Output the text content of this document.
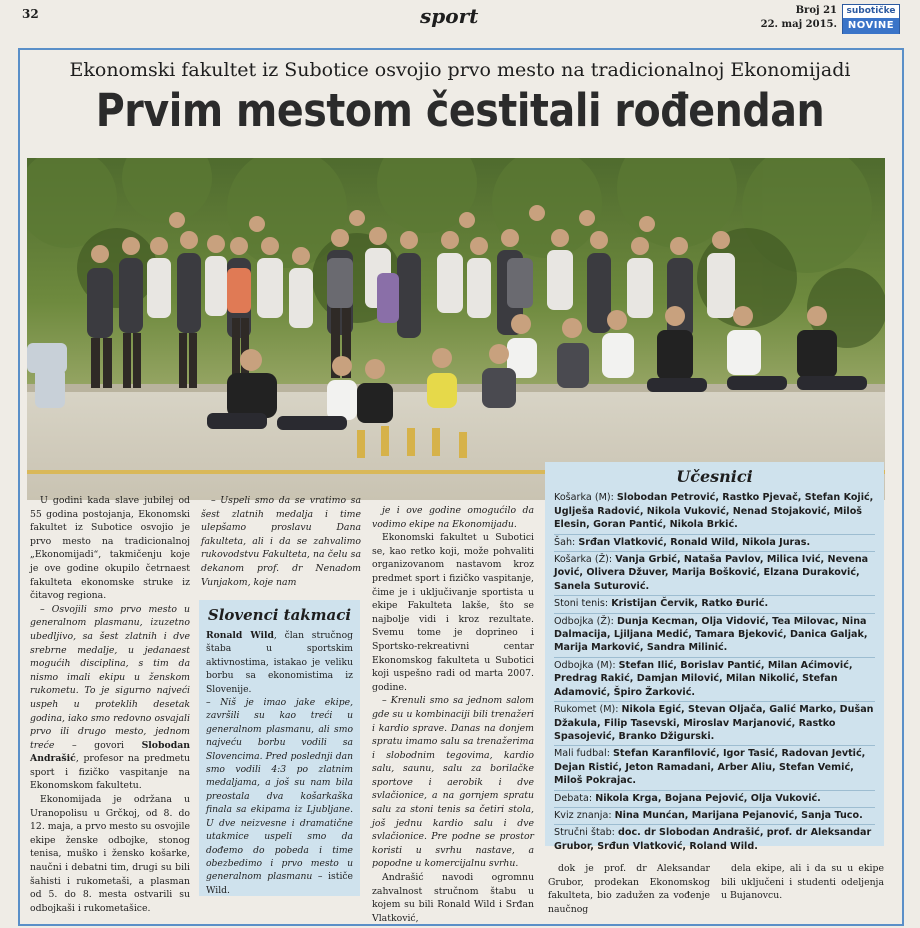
32	sport	Broj 21
22. maj 2015.
subotičke
NOVINE
Ekonomski fakultet iz Subotice osvojio prvo mesto na tradicionalnoj Ekonomijadi
Prvim mestom čestitali rođendan

U godini kada slave jubilej od 55 godina postojanja, Ekonomski fakultet iz Subotice osvojio je prvo mesto na tradicionalnoj „Ekonomijadi“, takmičenju koje je ove godine okupilo četrnaest fakulteta ekonomske struke iz čitavog regiona.

– Osvojili smo prvo mesto u generalnom plasmanu, izuzetno ubedljivo, sa šest zlatnih i dve srebrne medalje, u jedanaest mogućih disciplina, s tim da nismo imali ekipu u ženskom rukometu. To je sigurno najveći uspeh u proteklih desetak godina, iako smo redovno osvajali prvo ili drugo mesto, jednom treće – govori Slobodan Andrašić, profesor na predmetu sport i fizičko vaspitanje na Ekonomskom fakultetu.

Ekonomijada je održana u Uranopolisu u Grčkoj, od 8. do 12. maja, a prvo mesto su osvojile ekipe ženske odbojke, stonog tenisa, muško i žensko košarke, naučni i debatni tim, drugi su bili šahisti i rukometaši, a plasman od 5. do 8. mesta ostvarili su odbojkaši i rukometašice.

– Uspeli smo da se vratimo sa šest zlatnih medalja i time ulepšamo proslavu Dana fakulteta, ali i da se zahvalimo rukovodstvu Fakulteta, na čelu sa dekanom prof. dr Nenadom Vunjakom, koje nam

Slovenci takmaci

Ronald Wild, član stručnog štaba u sportskim aktivnostima, istakao je veliku borbu sa ekonomistima iz Slovenije.

– Niš je imao jake ekipe, završili su kao treći u generalnom plasmanu, ali smo najveću borbu vodili sa Slovencima. Pred poslednji dan smo vodili 4:3 po zlatnim medaljama, a još su nam bila preostala dva košarkaška finala sa ekipama iz Ljubljane. U dve neizvesne i dramatične utakmice uspeli smo da dođemo do pobeda i time obezbedimo i prvo mesto u generalnom plasmanu – ističe Wild.

je i ove godine omogućilo da vodimo ekipe na Ekonomijadu.

Ekonomski fakultet u Subotici se, kao retko koji, može pohvaliti organizovanom nastavom kroz predmet sport i fizičko vaspitanje, čime je i uključivanje sportista u ekipe Fakulteta lakše, što se najbolje vidi i kroz rezultate. Svemu tome je doprineo i Sportsko-rekreativni centar Ekonomskog fakulteta u Subotici koji uspešno radi od marta 2007. godine.

– Krenuli smo sa jednom salom gde su u kombinaciji bili trenažeri i kardio sprave. Danas na donjem spratu imamo salu sa trenažerima i slobodnim tegovima, kardio salu, saunu, salu za borilačke sportove i aerobik i dve svlačionice, a na gornjem spratu salu za stoni tenis sa četiri stola, još jednu kardio salu i dve svlačionice. Pre podne se prostor koristi u svrhu nastave, a popodne u komercijalnu svrhu.

Andrašić navodi ogromnu zahvalnost stručnom štabu u kojem su bili Ronald Wild i Srđan Vlatković,

Učesnici
Košarka (M): Slobodan Petrović, Rastko Pjevač, Stefan Kojić, Uglješa Radović, Nikola Vuković, Nenad Stojaković, Miloš Elesin, Goran Pantić, Nikola Brkić.
Šah: Srđan Vlatković, Ronald Wild, Nikola Juras.
Košarka (Ž): Vanja Grbić, Nataša Pavlov, Milica Ivić, Nevena Jović, Oliverа Džuver, Marija Bošković, Elzana Duraković, Sanela Suturović.
Stoni tenis: Kristijan Červik, Ratko Đurić.
Odbojka (Ž): Dunja Kecman, Olja Vidović, Tea Milovac, Nina Dalmacija, Ljiljana Medić, Tamara Bjeković, Danica Galjak, Marija Marković, Sandra Milinić.
Odbojka (M): Stefan Ilić, Borislav Pantić, Milan Aćimović, Predrag Rakić, Damjan Milović, Milan Nikolić, Stefan Adamović, Špiro Žarković.
Rukomet (M): Nikola Egić, Stevan Oljača, Galić Marko, Dušan Džakula, Filip Tasevski, Miroslav Marjanović, Rastko Spasojević, Branko Džigurski.
Mali fudbal: Stefan Karanfilović, Igor Tasić, Radovan Jevtić, Dejan Ristić, Jeton Ramadani, Arber Aliu, Stefan Vemić, Miloš Pokrajac.
Debata: Nikola Krga, Bojana Pejović, Olja Vuković.
Kviz znanja: Nina Munćan, Marijana Pejanović, Sanja Tuco.
Stručni štab: doc. dr Slobodan Andrašić, prof. dr Aleksandar Grubor, Srđun Vlatković, Roland Wild.

dok je prof. dr Aleksandar Grubor, prodekan Ekonomskog fakulteta, bio zadužen za vođenje naučnog

dela ekipe, ali i da su u ekipe bili uključeni i studenti odeljenja u Bujanovcu.
